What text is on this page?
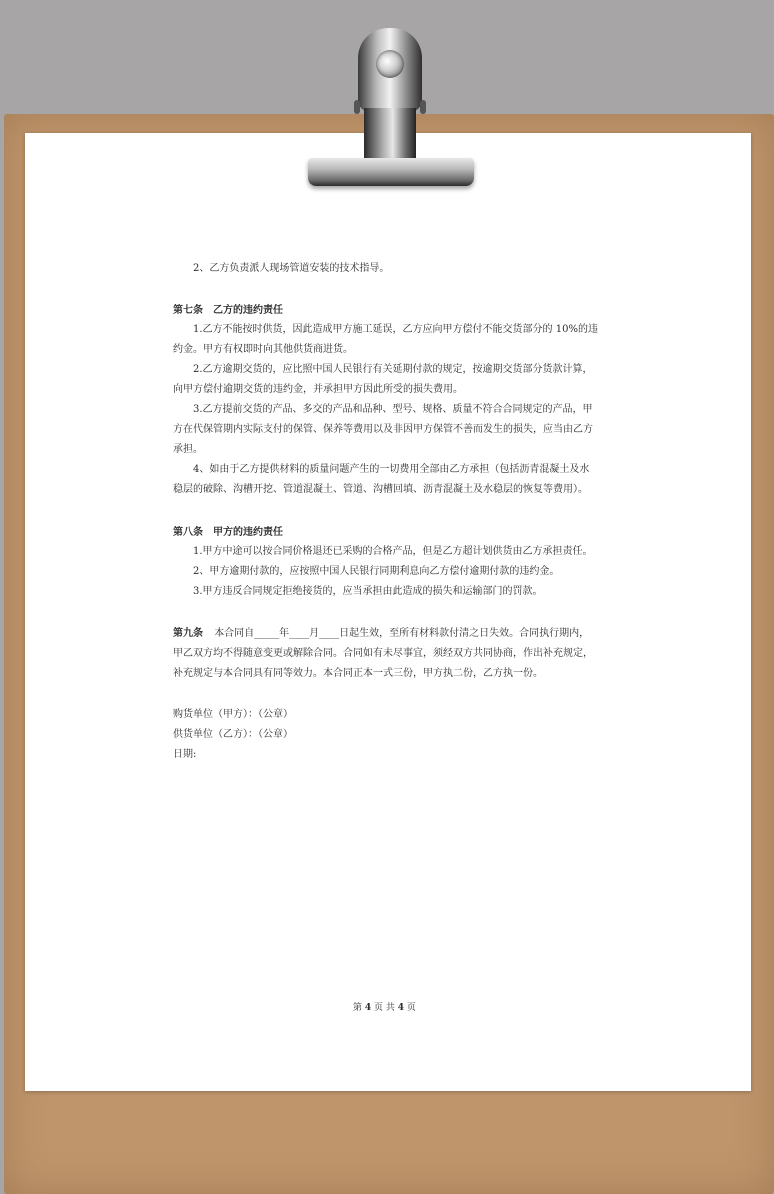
2、乙方负责派人现场管道安装的技术指导。
第七条　乙方的违约责任
1.乙方不能按时供货，因此造成甲方施工延误，乙方应向甲方偿付不能交货部分的 10%的违
约金。甲方有权即时向其他供货商进货。
2.乙方逾期交货的，应比照中国人民银行有关延期付款的规定，按逾期交货部分货款计算，
向甲方偿付逾期交货的违约金，并承担甲方因此所受的损失费用。
3.乙方提前交货的产品、多交的产品和品种、型号、规格、质量不符合合同规定的产品，甲
方在代保管期内实际支付的保管、保养等费用以及非因甲方保管不善而发生的损失，应当由乙方
承担。
4、如由于乙方提供材料的质量问题产生的一切费用全部由乙方承担（包括沥青混凝土及水
稳层的破除、沟槽开挖、管道混凝土、管道、沟槽回填、沥青混凝土及水稳层的恢复等费用）。
第八条　甲方的违约责任
1.甲方中途可以按合同价格退还已采购的合格产品，但是乙方超计划供货由乙方承担责任。
2、甲方逾期付款的，应按照中国人民银行同期利息向乙方偿付逾期付款的违约金。
3.甲方违反合同规定拒绝接货的，应当承担由此造成的损失和运输部门的罚款。
第九条 本合同自_____年____月____日起生效，至所有材料款付清之日失效。合同执行期内，
甲乙双方均不得随意变更或解除合同。合同如有未尽事宜，须经双方共同协商，作出补充规定，
补充规定与本合同具有同等效力。本合同正本一式三份，甲方执二份，乙方执一份。
购货单位（甲方）：（公章）
供货单位（乙方）：（公章）
日期:
第 4 页 共 4 页
